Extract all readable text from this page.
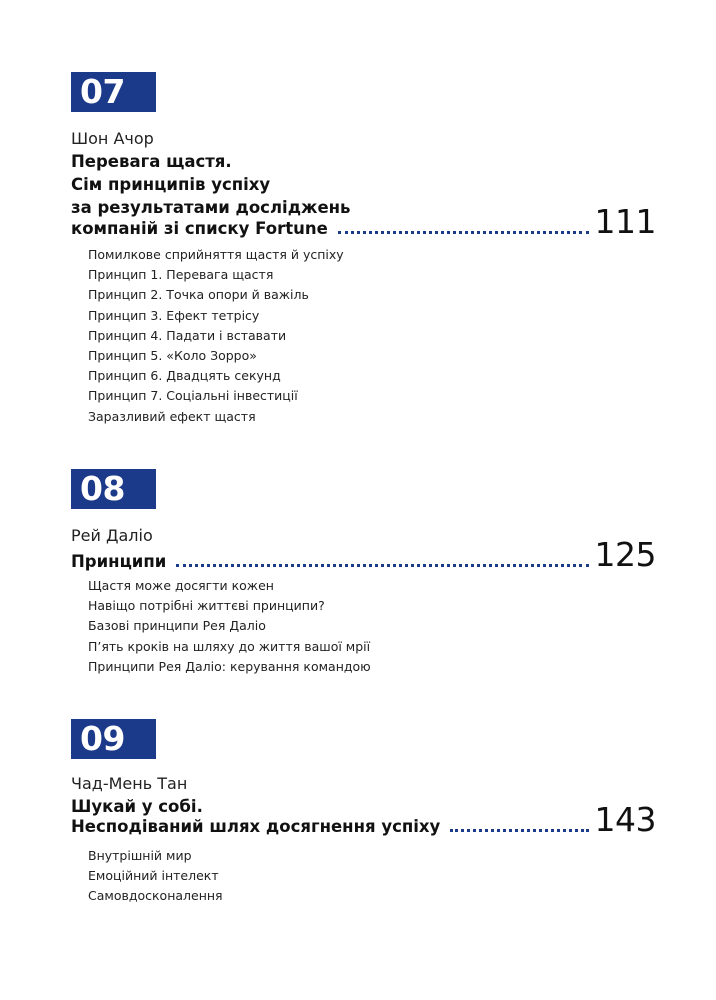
07
Шон Ачор
Перевага щастя.
Сім принципів успіху
за результатами досліджень
компаній зі списку Fortune	111
Помилкове сприйняття щастя й успіху
Принцип 1. Перевага щастя
Принцип 2. Точка опори й важіль
Принцип 3. Ефект тетрісу
Принцип 4. Падати і вставати
Принцип 5. «Коло Зорро»
Принцип 6. Двадцять секунд
Принцип 7. Соціальні інвестиції
Заразливий ефект щастя
08
Рей Даліо
Принципи	125
Щастя може досягти кожен
Навіщо потрібні життєві принципи?
Базові принципи Рея Даліо
П’ять кроків на шляху до життя вашої мрії
Принципи Рея Даліо: керування командою
09
Чад-Мень Тан
Шукай у собі.
Несподіваний шлях досягнення успіху	143
Внутрішній мир
Емоційний інтелект
Самовдосконалення
